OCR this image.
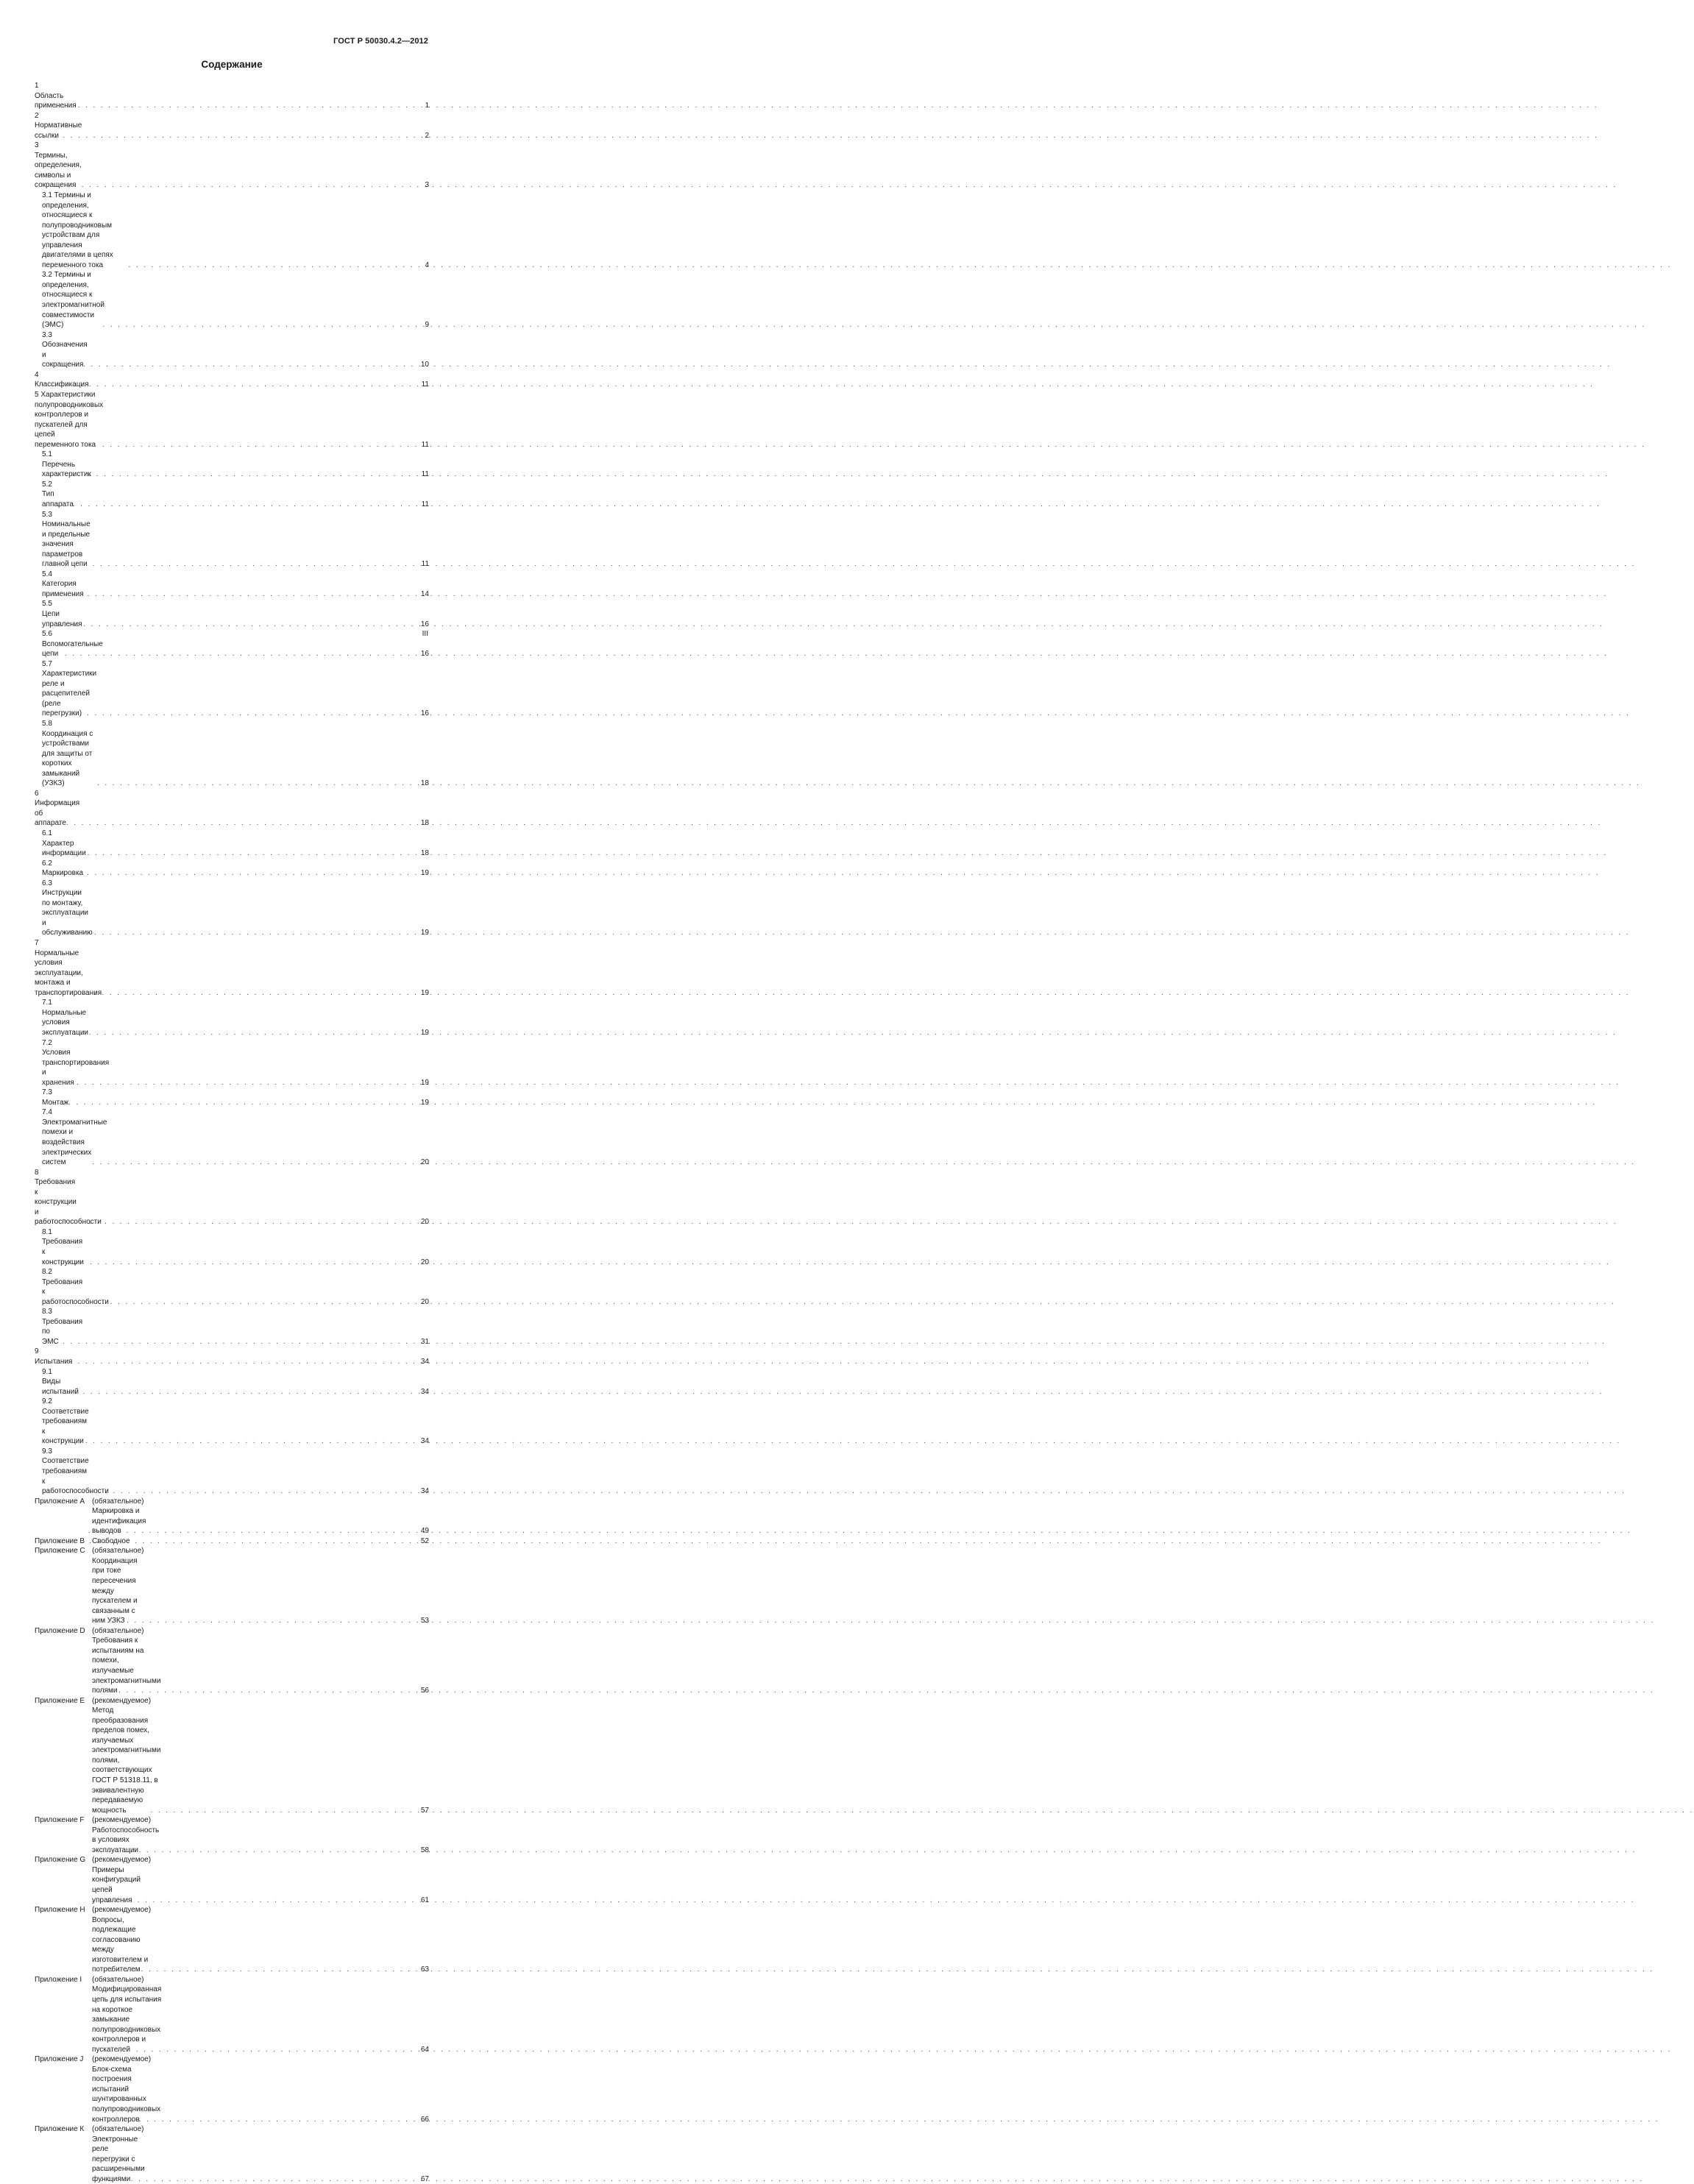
ГОСТ Р 50030.4.2—2012
Содержание
1 Область применения . . .	1
2 Нормативные ссылки . . .	2
3 Термины, определения, символы и сокращения . . .	3
3.1 Термины и определения, относящиеся к полупроводниковым устройствам для управления двигателями в цепях переменного тока . . .	4
3.2 Термины и определения, относящиеся к электромагнитной совместимости (ЭМС) . . .	9
3.3 Обозначения и сокращения . . .	10
4 Классификация . . .	11
5 Характеристики полупроводниковых контроллеров и пускателей для цепей переменного тока . . .	11
5.1 Перечень характеристик . . .	11
5.2 Тип аппарата . . .	11
5.3 Номинальные и предельные значения параметров главной цепи . . .	11
5.4 Категория применения . . .	14
5.5 Цепи управления . . .	16
5.6 Вспомогательные цепи . . .	16
5.7 Характеристики реле и расцепителей (реле перегрузки) . . .	16
5.8 Координация с устройствами для защиты от коротких замыканий (УЗКЗ) . . .	18
6 Информация об аппарате . . .	18
6.1 Характер информации . . .	18
6.2 Маркировка . . .	19
6.3 Инструкции по монтажу, эксплуатации и обслуживанию . . .	19
7 Нормальные условия эксплуатации, монтажа и транспортирования . . .	19
7.1 Нормальные условия эксплуатации . . .	19
7.2 Условия транспортирования и хранения . . .	19
7.3 Монтаж . . .	19
7.4 Электромагнитные помехи и воздействия электрических систем . . .	20
8 Требования к конструкции и работоспособности . . .	20
8.1 Требования к конструкции . . .	20
8.2 Требования к работоспособности . . .	20
8.3 Требования по ЭМС . . .	31
9 Испытания . . .	34
9.1 Виды испытаний . . .	34
9.2 Соответствие требованиям к конструкции . . .	34
9.3 Соответствие требованиям к работоспособности . . .	34
Приложение А (обязательное) Маркировка и идентификация выводов . . .	49
Приложение В Свободное . . .	52
Приложение С (обязательное) Координация при токе пересечения между пускателем и связанным с ним УЗКЗ . . .	53
Приложение D (обязательное) Требования к испытаниям на помехи, излучаемые электромагнитными полями . . .	56
Приложение Е (рекомендуемое) Метод преобразования пределов помех, излучаемых электромагнитными полями, соответствующих ГОСТ Р 51318.11, в эквивалентную передаваемую мощность . . .	57
Приложение F	(рекомендуемое) Работоспособность в условиях эксплуатации . . .	58
Приложение G (рекомендуемое) Примеры конфигураций цепей управления . . .	61
Приложение Н (рекомендуемое) Вопросы, подлежащие согласованию между изготовителем и потребителем . . .	63
Приложение I	(обязательное) Модифицированная цепь для испытания на короткое замыкание полупроводниковых контроллеров и пускателей . . .	64
Приложение J	(рекомендуемое) Блок-схема построения испытаний шунтированных полупроводниковых контроллеров . . .	66
Приложение К	(обязательное) Электронные реле перегрузки с расширенными функциями . . .	67
III
